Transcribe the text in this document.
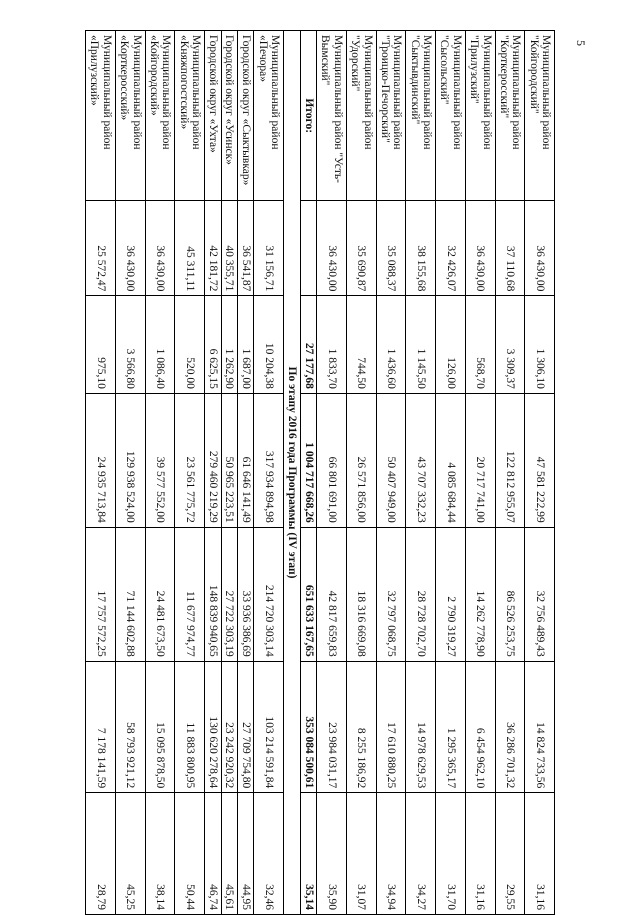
5
Муниципальный район "Койгородский"	36 430,00	1 306,10	47 581 222,99	32 756 489,43	14 824 733,56	31,16
Муниципальный район "Корткеросский"	37 110,68	3 309,37	122 812 955,07	86 526 253,75	36 286 701,32	29,55
Муниципальный район "Прилузский"	36 430,00	568,70	20 717 741,00	14 262 778,90	6 454 962,10	31,16
Муниципальный район "Сысольский"	32 426,07	126,00	4 085 684,44	2 790 319,27	1 295 365,17	31,70
Муниципальный район "Сыктывдинский"	38 155,68	1 145,50	43 707 332,23	28 728 702,70	14 978 629,53	34,27
Муниципальный район "Троицко-Печорский"	35 088,37	1 436,60	50 407 949,00	32 797 068,75	17 610 880,25	34,94
Муниципальный район "Удорский"	35 690,87	744,50	26 571 856,00	18 316 669,08	8 255 186,92	31,07
Муниципальный район "Усть-Вымский"	36 430,00	1 833,70	66 801 691,00	42 817 659,83	23 984 031,17	35,90
Итого:		27 177,68	1 004 717 668,26	651 633 167,65	353 084 500,61	35,14
По этапу 2016 года Программы (IV этап)						
Муниципальный район «Печора»	31 156,71	10 204,38	317 934 894,98	214 720 303,14	103 214 591,84	32,46
Городской округ «Сыктывкар»	36 541,87	1 687,00	61 646 141,49	33 936 386,69	27 709 754,80	44,95
Городской округ «Усинск»	40 355,71	1 262,90	50 965 223,51	27 722 303,19	23 242 920,32	45,61
Городской округ «Ухта»	42 181,72	6 625,15	279 460 219,29	148 839 940,65	130 620 278,64	46,74
Муниципальный район «Княжпогостский»	45 311,11	520,00	23 561 775,72	11 677 974,77	11 883 800,95	50,44
Муниципальный район «Койгородский»	36 430,00	1 086,40	39 577 552,00	24 481 673,50	15 095 878,50	38,14
Муниципальный район «Корткеросский»	36 430,00	3 566,80	129 938 524,00	71 144 602,88	58 793 921,12	45,25
Муниципальный район «Прилузский»	25 572,47	975,10	24 935 713,84	17 757 572,25	7 178 141,59	28,79
